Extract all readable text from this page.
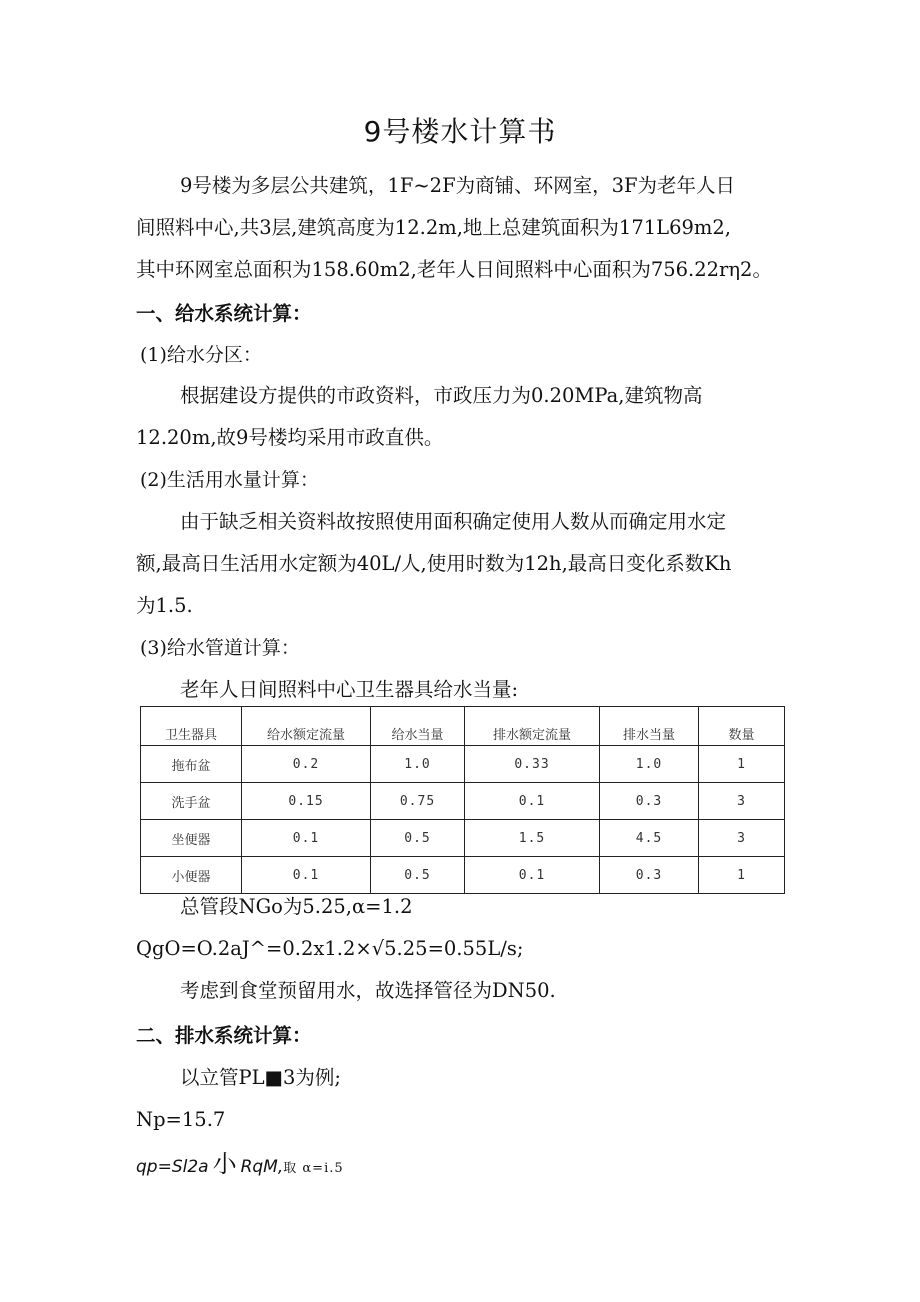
9号楼水计算书
9号楼为多层公共建筑，1F~2F为商铺、环网室，3F为老年人日
间照料中心,共3层,建筑高度为12.2m,地上总建筑面积为171L69m2,
其中环网室总面积为158.60m2,老年人日间照料中心面积为756.22rη2。
一、给水系统计算：
(1)给水分区：
根据建设方提供的市政资料，市政压力为0.20MPa,建筑物高
12.20m,故9号楼均采用市政直供。
(2)生活用水量计算：
由于缺乏相关资料故按照使用面积确定使用人数从而确定用水定
额,最高日生活用水定额为40L/人,使用时数为12h,最高日变化系数Kh
为1.5.
(3)给水管道计算：
老年人日间照料中心卫生器具给水当量:
卫生器具	给水额定流量	给水当量	排水额定流量	排水当量	数量
拖布盆	0.2	1.0	0.33	1.0	1
洗手盆	0.15	0.75	0.1	0.3	3
坐便器	0.1	0.5	1.5	4.5	3
小便器	0.1	0.5	0.1	0.3	1
总管段NGo为5.25,α=1.2
QgO=O.2aJ^=0.2x1.2×√5.25=0.55L∕s;
考虑到食堂预留用水，故选择管径为DN50.
二、排水系统计算：
以立管PL■3为例;
Np=15.7
qp=Sl2a 小 RqM,取 α=i.5
